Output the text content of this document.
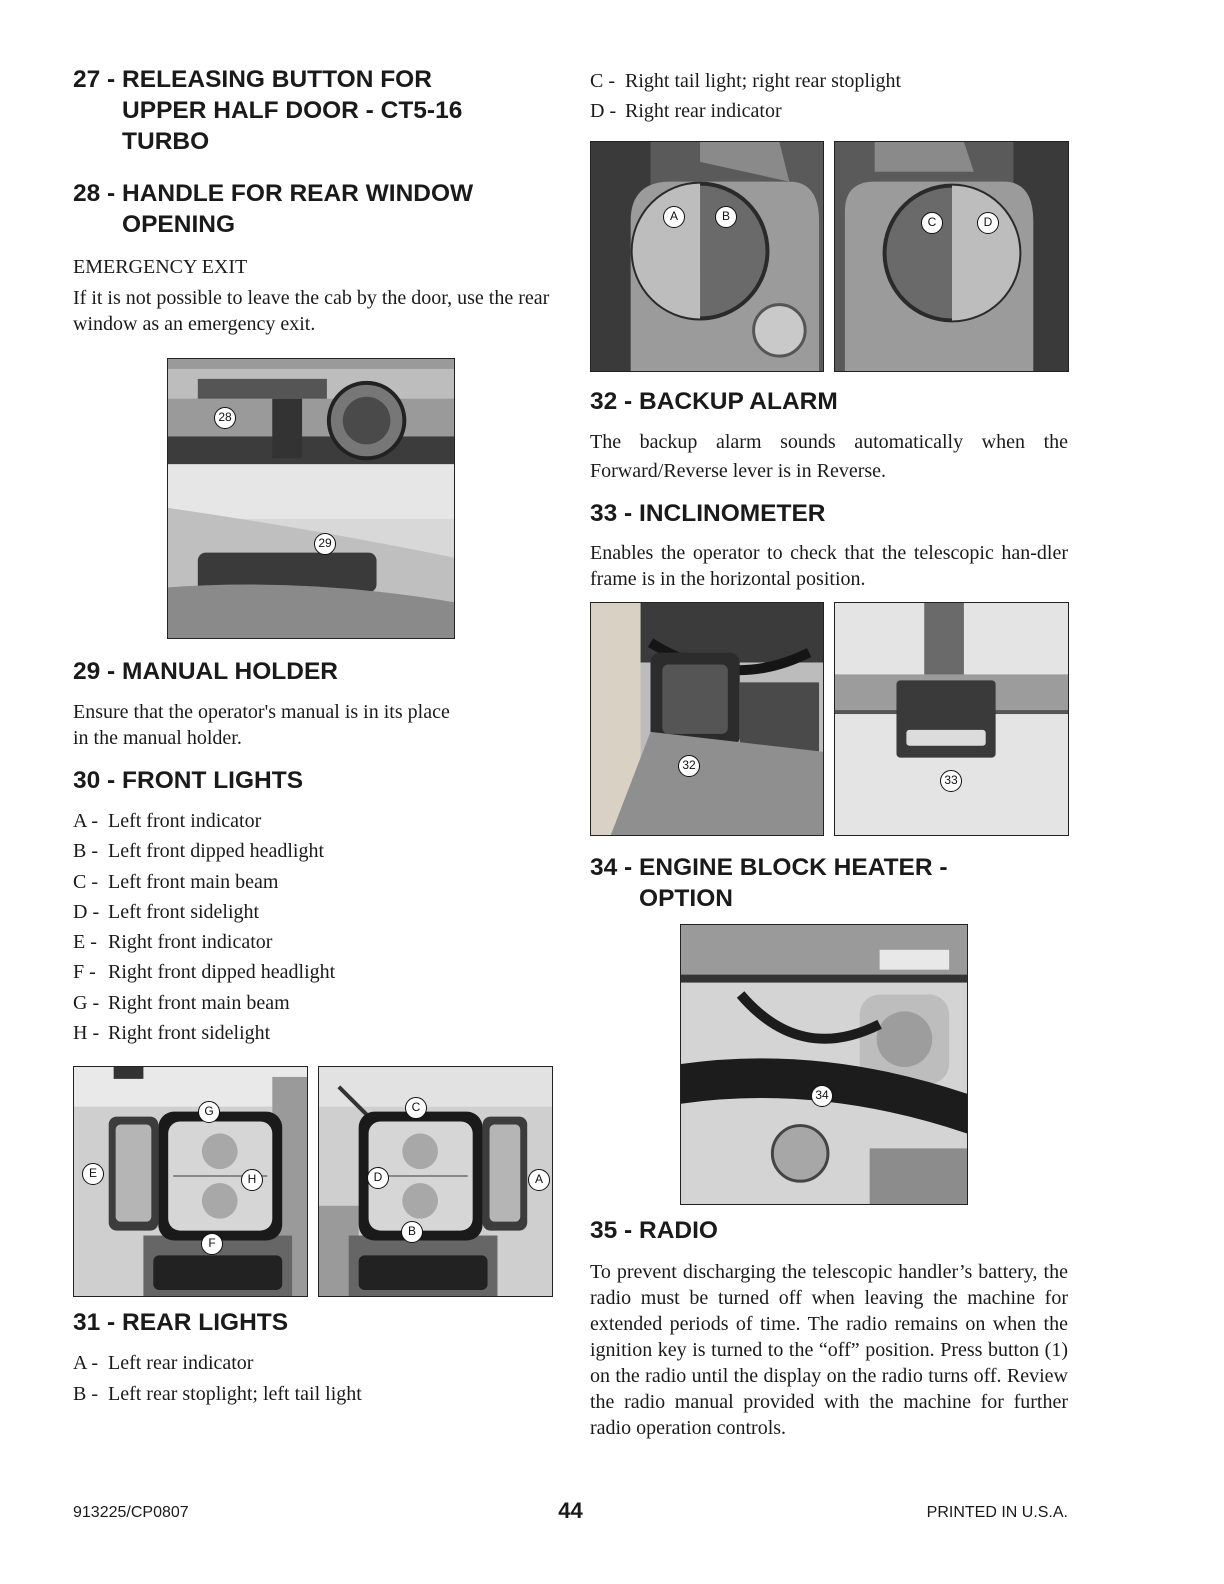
27 - RELEASING BUTTON FOR UPPER HALF DOOR - CT5-16 TURBO
28 - HANDLE FOR REAR WINDOW OPENING

EMERGENCY EXIT

If it is not possible to leave the cab by the door, use the rear window as an emergency exit.

28
29
29 - MANUAL HOLDER

Ensure that the operator's manual is in its place
in the manual holder.

30 - FRONT LIGHTS
A - Left front indicator
B - Left front dipped headlight
C - Left front main beam
D - Left front sidelight
E - Right front indicator
F - Right front dipped headlight
G - Right front main beam
H - Right front sidelight
G
E	H
F
C
D	A
B
31 - REAR LIGHTS
A - Left rear indicator
B - Left rear stoplight; left tail light
C - Right tail light; right rear stoplight
D - Right rear indicator
A	B	C	D
32 - BACKUP ALARM

The backup alarm sounds automatically when the Forward/Reverse lever is in Reverse.

33 - INCLINOMETER

Enables the operator to check that the telescopic han-dler frame is in the horizontal position.

32
33
34 - ENGINE BLOCK HEATER - OPTION
34
35 - RADIO

To prevent discharging the telescopic handler’s battery, the radio must be turned off when leaving the machine for extended periods of time. The radio remains on when the ignition key is turned to the “off” position. Press button (1) on the radio until the display on the radio turns off. Review the radio manual provided with the machine for further radio operation controls.

913225/CP0807	44	PRINTED IN U.S.A.
